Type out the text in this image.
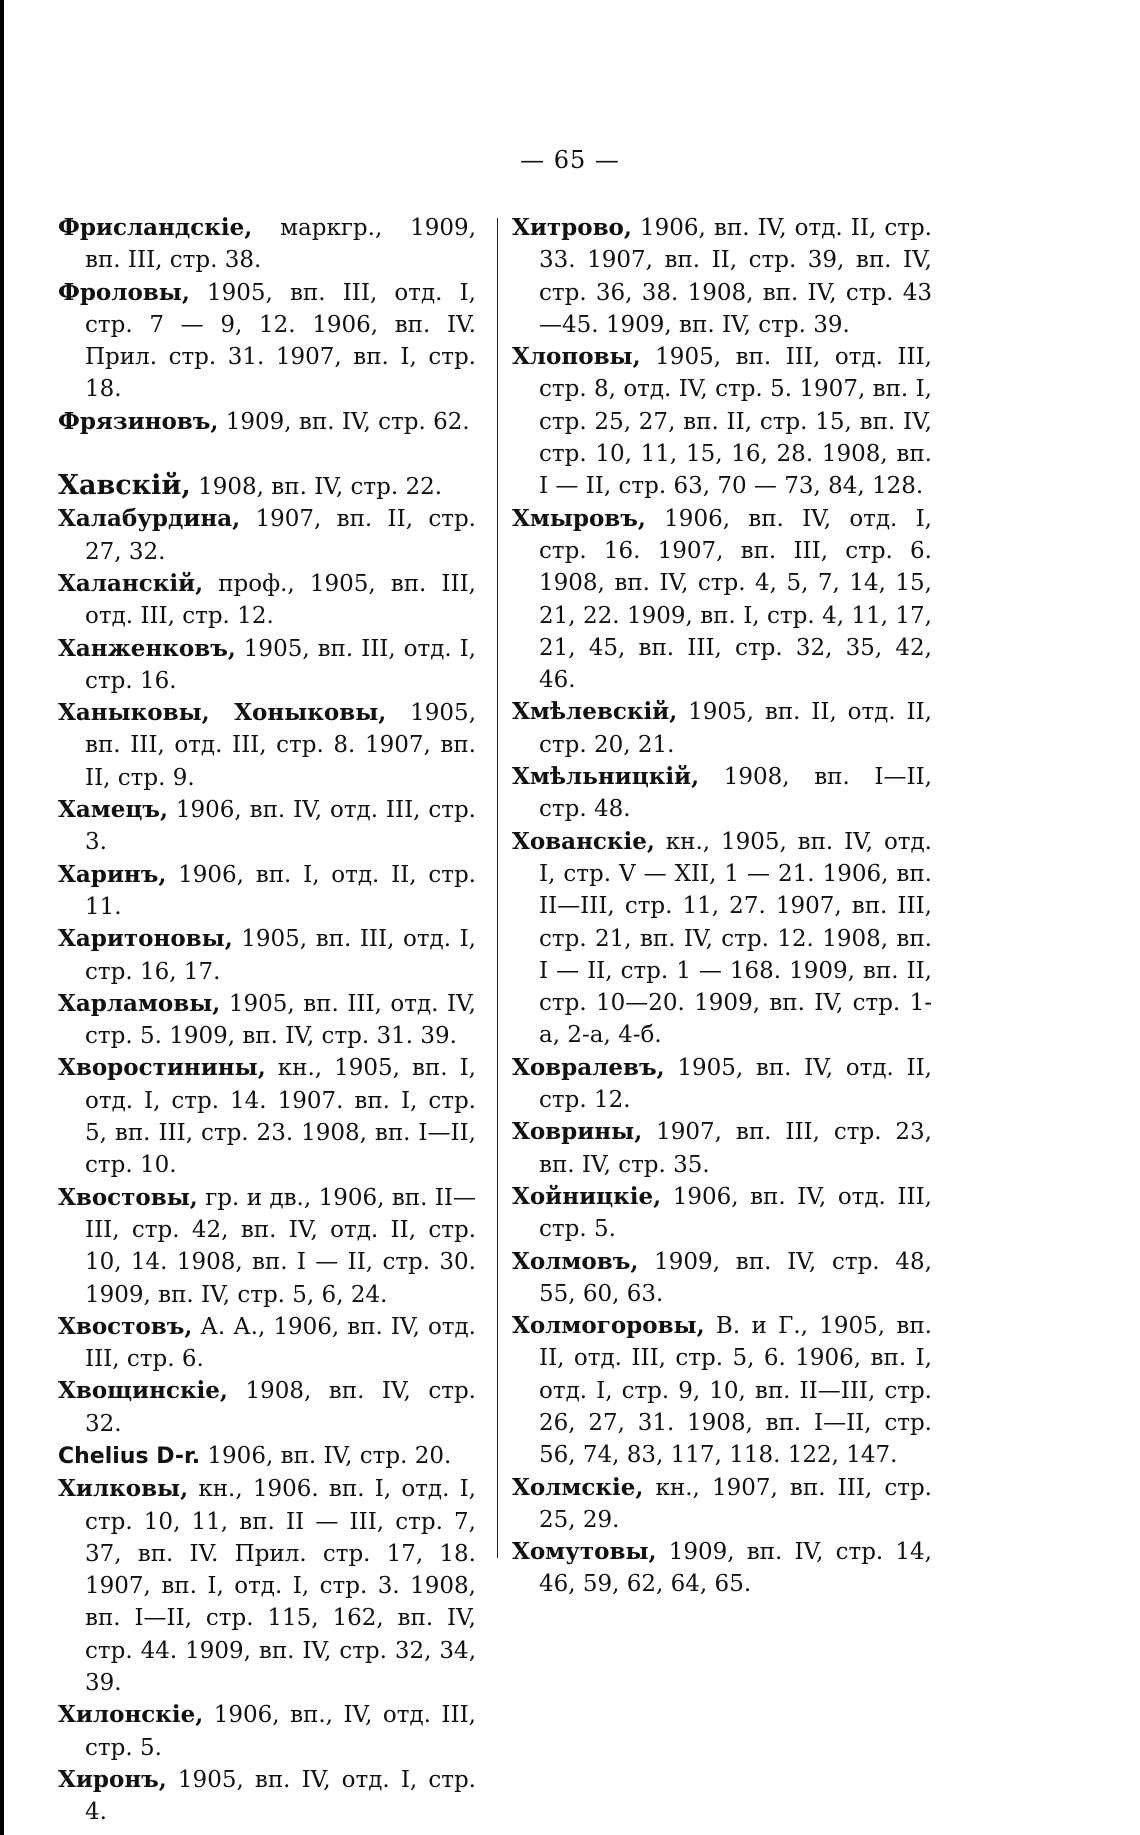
— 65 —

Фрисландскіе, маркгр., 1909, вп. III, стр. 38.

Фроловы, 1905, вп. III, отд. I, стр. 7 — 9, 12. 1906, вп. IV. Прил. стр. 31. 1907, вп. I, стр. 18.

Фрязиновъ, 1909, вп. IV, стр. 62.

Хавскій, 1908, вп. IV, стр. 22.

Халабурдина, 1907, вп. II, стр. 27, 32.

Халанскій, проф., 1905, вп. III, отд. III, стр. 12.

Ханженковъ, 1905, вп. III, отд. I, стр. 16.

Ханыковы, Хоныковы, 1905, вп. III, отд. III, стр. 8. 1907, вп. II, стр. 9.

Хамецъ, 1906, вп. IV, отд. III, стр. 3.

Харинъ, 1906, вп. I, отд. II, стр. 11.

Харитоновы, 1905, вп. III, отд. I, стр. 16, 17.

Харламовы, 1905, вп. III, отд. IV, стр. 5. 1909, вп. IV, стр. 31. 39.

Хворостинины, кн., 1905, вп. I, отд. I, стр. 14. 1907. вп. I, стр. 5, вп. III, стр. 23. 1908, вп. I—II, стр. 10.

Хвостовы, гр. и дв., 1906, вп. II—III, стр. 42, вп. IV, отд. II, стр. 10, 14. 1908, вп. I — II, стр. 30. 1909, вп. IV, стр. 5, 6, 24.

Хвостовъ, А. А., 1906, вп. IV, отд. III, стр. 6.

Хвощинскіе, 1908, вп. IV, стр. 32.

Chelius D-r. 1906, вп. IV, стр. 20.

Хилковы, кн., 1906. вп. I, отд. I, стр. 10, 11, вп. II — III, стр. 7, 37, вп. IV. Прил. стр. 17, 18. 1907, вп. I, отд. I, стр. 3. 1908, вп. I—II, стр. 115, 162, вп. IV, стр. 44. 1909, вп. IV, стр. 32, 34, 39.

Хилонскіе, 1906, вп., IV, отд. III, стр. 5.

Хиронъ, 1905, вп. IV, отд. I, стр. 4.

Хитрово, 1906, вп. IV, отд. II, стр. 33. 1907, вп. II, стр. 39, вп. IV, стр. 36, 38. 1908, вп. IV, стр. 43—45. 1909, вп. IV, стр. 39.

Хлоповы, 1905, вп. III, отд. III, стр. 8, отд. IV, стр. 5. 1907, вп. I, стр. 25, 27, вп. II, стр. 15, вп. IV, стр. 10, 11, 15, 16, 28. 1908, вп. I — II, стр. 63, 70 — 73, 84, 128.

Хмыровъ, 1906, вп. IV, отд. I, стр. 16. 1907, вп. III, стр. 6. 1908, вп. IV, стр. 4, 5, 7, 14, 15, 21, 22. 1909, вп. I, стр. 4, 11, 17, 21, 45, вп. III, стр. 32, 35, 42, 46.

Хмѣлевскій, 1905, вп. II, отд. II, стр. 20, 21.

Хмѣльницкій, 1908, вп. I—II, стр. 48.

Хованскіе, кн., 1905, вп. IV, отд. I, стр. V — XII, 1 — 21. 1906, вп. II—III, стр. 11, 27. 1907, вп. III, стр. 21, вп. IV, стр. 12. 1908, вп. I — II, стр. 1 — 168. 1909, вп. II, стр. 10—20. 1909, вп. IV, стр. 1-а, 2-а, 4-б.

Ховралевъ, 1905, вп. IV, отд. II, стр. 12.

Ховрины, 1907, вп. III, стр. 23, вп. IV, стр. 35.

Хойницкіе, 1906, вп. IV, отд. III, стр. 5.

Холмовъ, 1909, вп. IV, стр. 48, 55, 60, 63.

Холмогоровы, В. и Г., 1905, вп. II, отд. III, стр. 5, 6. 1906, вп. I, отд. I, стр. 9, 10, вп. II—III, стр. 26, 27, 31. 1908, вп. I—II, стр. 56, 74, 83, 117, 118. 122, 147.

Холмскіе, кн., 1907, вп. III, стр. 25, 29.

Хомутовы, 1909, вп. IV, стр. 14, 46, 59, 62, 64, 65.
